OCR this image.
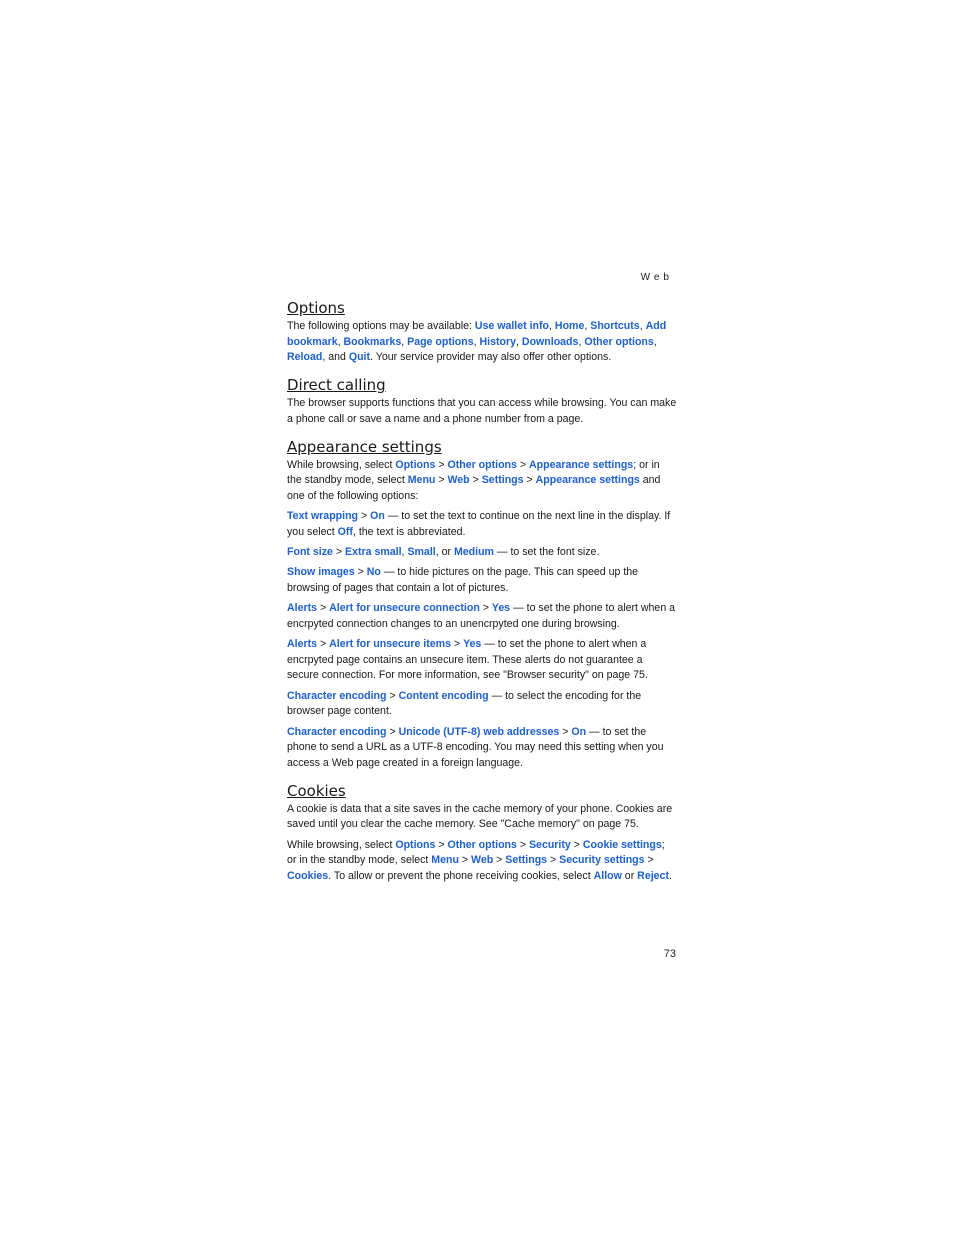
Web
Options

The following options may be available: Use wallet info, Home, Shortcuts, Add bookmark, Bookmarks, Page options, History, Downloads, Other options, Reload, and Quit. Your service provider may also offer other options.

Direct calling

The browser supports functions that you can access while browsing. You can make a phone call or save a name and a phone number from a page.

Appearance settings

While browsing, select Options > Other options > Appearance settings; or in the standby mode, select Menu > Web > Settings > Appearance settings and one of the following options:

Text wrapping > On — to set the text to continue on the next line in the display. If you select Off, the text is abbreviated.

Font size > Extra small, Small, or Medium — to set the font size.

Show images > No — to hide pictures on the page. This can speed up the browsing of pages that contain a lot of pictures.

Alerts > Alert for unsecure connection > Yes — to set the phone to alert when a encrpyted connection changes to an unencrpyted one during browsing.

Alerts > Alert for unsecure items > Yes — to set the phone to alert when a encrpyted page contains an unsecure item. These alerts do not guarantee a secure connection. For more information, see "Browser security" on page 75.

Character encoding > Content encoding — to select the encoding for the browser page content.

Character encoding > Unicode (UTF-8) web addresses > On — to set the phone to send a URL as a UTF-8 encoding. You may need this setting when you access a Web page created in a foreign language.

Cookies

A cookie is data that a site saves in the cache memory of your phone. Cookies are saved until you clear the cache memory. See "Cache memory" on page 75.

While browsing, select Options > Other options > Security > Cookie settings; or in the standby mode, select Menu > Web > Settings > Security settings > Cookies. To allow or prevent the phone receiving cookies, select Allow or Reject.

73
